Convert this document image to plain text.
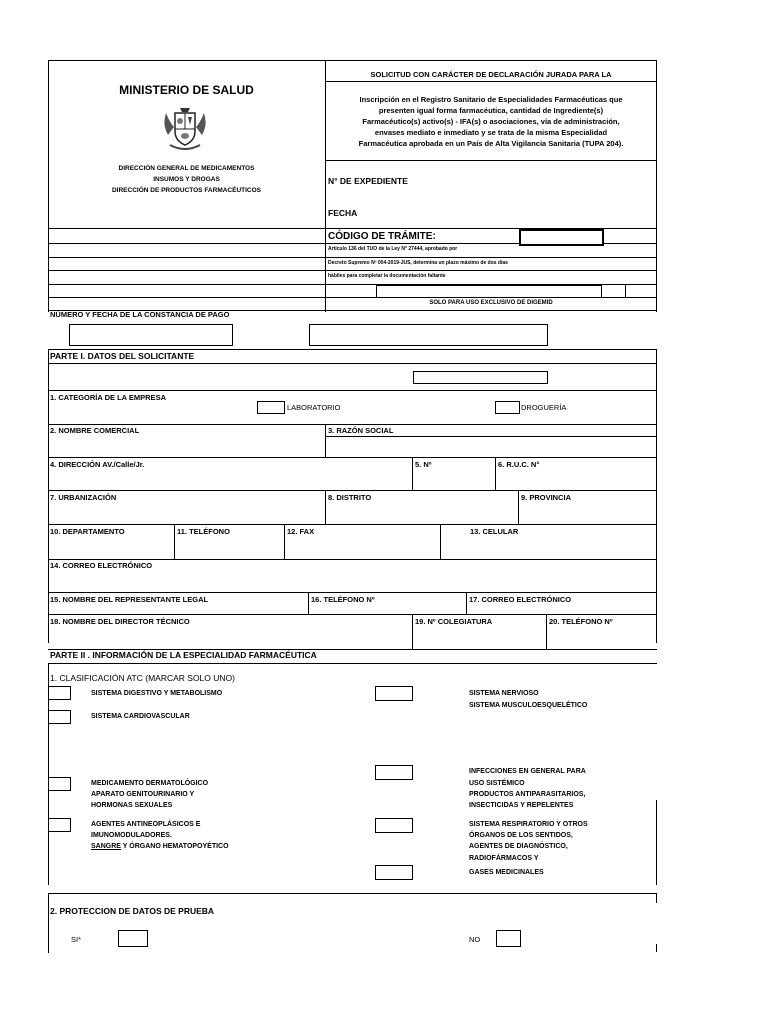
MINISTERIO DE SALUD
DIRECCIÓN GENERAL DE MEDICAMENTOS
INSUMOS Y DROGAS
DIRECCIÓN DE PRODUCTOS FARMACÉUTICOS
SOLICITUD CON CARÁCTER DE DECLARACIÓN JURADA PARA LA
Inscripción en el Registro Sanitario de Especialidades Farmacéuticas que
presenten igual forma farmacéutica, cantidad de Ingrediente(s)
Farmacéutico(s) activo(s) - IFA(s) o asociaciones, vía de administración,
envases mediato e inmediato y se trata de la misma Especialidad
Farmacéutica aprobada en un País de Alta Vigilancia Sanitaria (TUPA 204).
N° DE EXPEDIENTE
FECHA
CÓDIGO DE TRÁMITE:
Artículo 136 del TUO de la Ley N° 27444, aprobado por
Decreto Supremo Nº 004-2019-JUS, determina un plazo máximo de dos días
hábiles para completar la documentación faltante
SOLO PARA USO EXCLUSIVO DE DIGEMID
NÚMERO Y FECHA DE LA CONSTANCIA DE PAGO
PARTE I. DATOS DEL SOLICITANTE
1. CATEGORÍA DE LA EMPRESA
LABORATORIO	DROGUERÍA
2. NOMBRE COMERCIAL	3. RAZÓN SOCIAL
4. DIRECCIÓN AV./Calle/Jr.	5. Nº	6. R.U.C. N°
7. URBANIZACIÓN	8. DISTRITO	9. PROVINCIA
10. DEPARTAMENTO	11. TELÉFONO	12. FAX	13. CELULAR
14. CORREO ELECTRÓNICO
15. NOMBRE DEL REPRESENTANTE LEGAL	16. TELÉFONO Nº	17. CORREO ELECTRÓNICO
18. NOMBRE DEL DIRECTOR TÉCNICO	19. Nº COLEGIATURA	20. TELÉFONO Nº
PARTE II . INFORMACIÓN DE LA ESPECIALIDAD FARMACÉUTICA
1. CLASIFICACIÓN ATC (MARCAR SOLO UNO)
SISTEMA DIGESTIVO Y METABOLISMO
SISTEMA CARDIOVASCULAR
MEDICAMENTO DERMATOLÓGICO
APARATO GENITOURINARIO Y
HORMONAS SEXUALES
AGENTES ANTINEOPLÁSICOS E
IMUNOMODULADORES.
SANGRE Y ÓRGANO HEMATOPOYÉTICO
SISTEMA NERVIOSO
SISTEMA MUSCULOESQUELÉTICO
INFECCIONES EN GENERAL PARA
USO SISTÉMICO
PRODUCTOS ANTIPARASITARIOS,
INSECTICIDAS Y REPELENTES
SISTEMA RESPIRATORIO Y OTROS
ÓRGANOS DE LOS SENTIDOS,
AGENTES DE DIAGNÓSTICO,
RADIOFÁRMACOS Y
GASES MEDICINALES
2. PROTECCION DE DATOS DE PRUEBA
SI*	NO
